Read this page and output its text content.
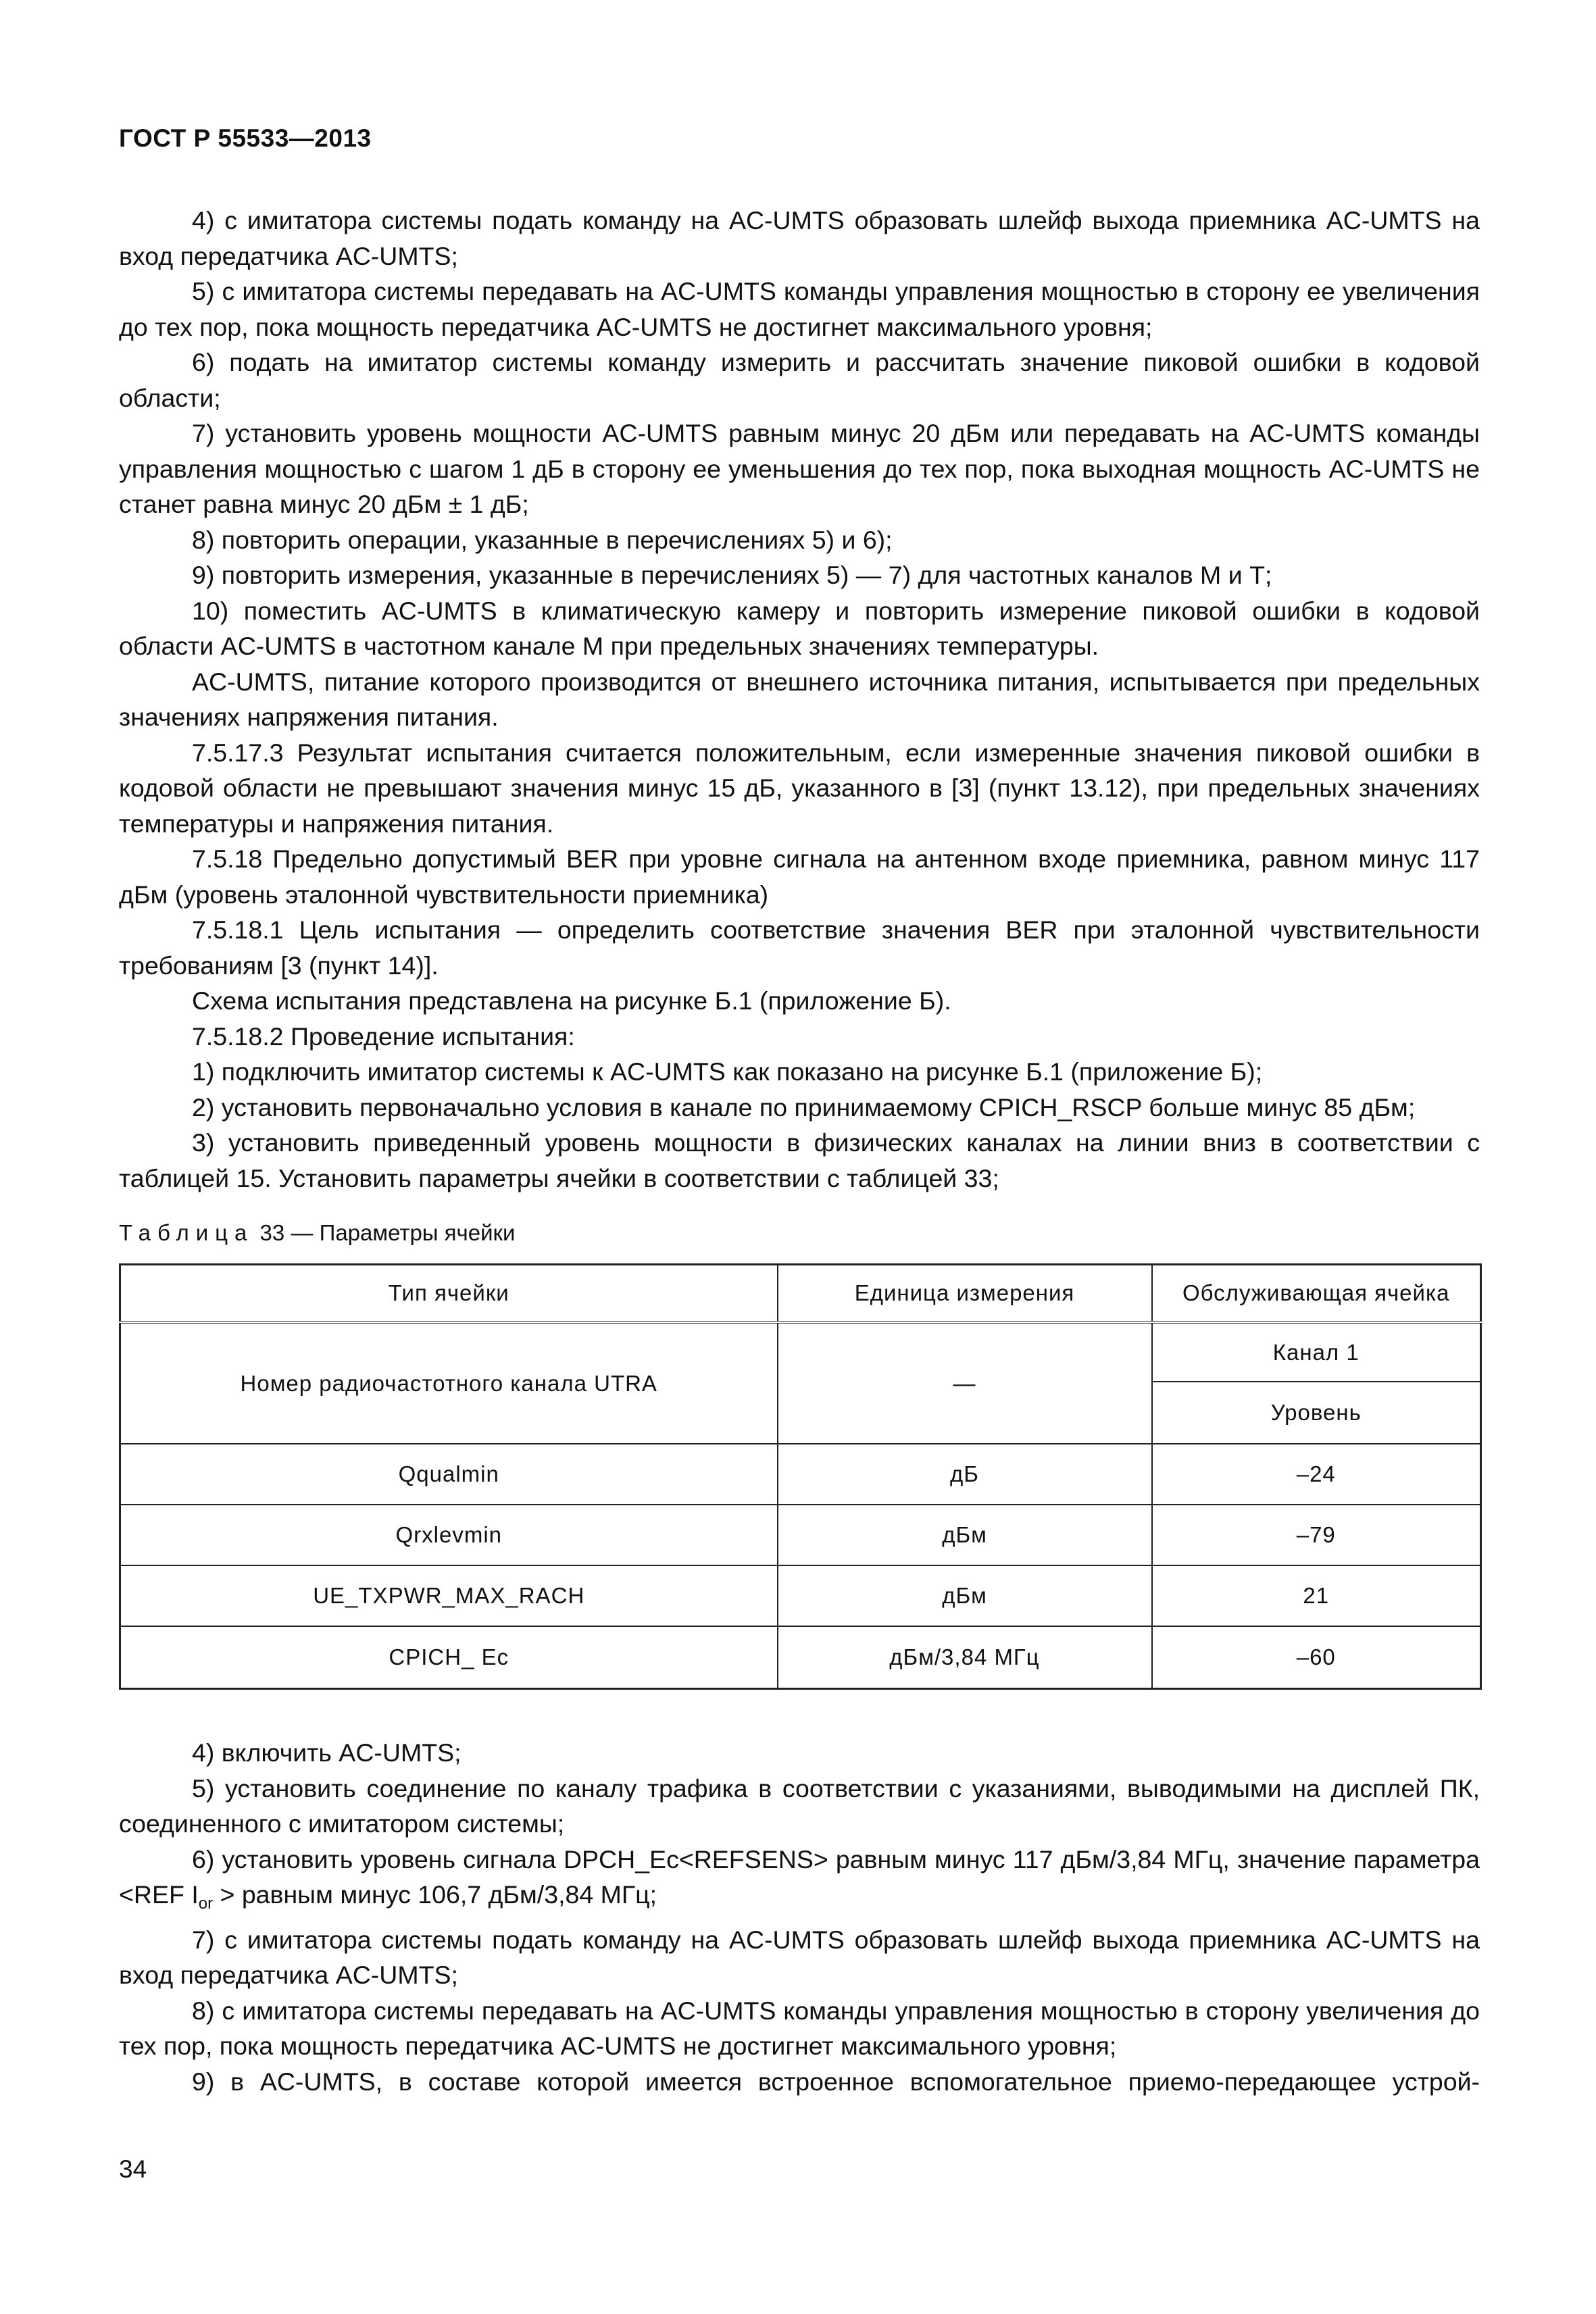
ГОСТ Р 55533—2013

4) с имитатора системы подать команду на AC-UMTS образовать шлейф выхода приемника AC-UMTS на вход передатчика AC-UMTS;

5) с имитатора системы передавать на AC-UMTS команды управления мощностью в сторону ее увеличения до тех пор, пока мощность передатчика AC-UMTS не достигнет максимального уровня;

6) подать на имитатор системы команду измерить и рассчитать значение пиковой ошибки в кодовой области;

7) установить уровень мощности AC-UMTS равным минус 20 дБм или передавать на AC-UMTS команды управления мощностью с шагом 1 дБ в сторону ее уменьшения до тех пор, пока выходная мощность AC-UMTS не станет равна минус 20 дБм ± 1 дБ;

8) повторить операции, указанные в перечислениях 5) и 6);

9) повторить измерения, указанные в перечислениях 5) — 7) для частотных каналов М и Т;

10) поместить AC-UMTS в климатическую камеру и повторить измерение пиковой ошибки в кодовой области AC-UMTS в частотном канале М при предельных значениях температуры.

AC-UMTS, питание которого производится от внешнего источника питания, испытывается при предельных значениях напряжения питания.

7.5.17.3 Результат испытания считается положительным, если измеренные значения пиковой ошибки в кодовой области не превышают значения минус 15 дБ, указанного в [3] (пункт 13.12), при предельных значениях температуры и напряжения питания.

7.5.18 Предельно допустимый BER при уровне сигнала на антенном входе приемника, равном минус 117 дБм (уровень эталонной чувствительности приемника)

7.5.18.1 Цель испытания — определить соответствие значения BER при эталонной чувствительности требованиям [3 (пункт 14)].

Схема испытания представлена на рисунке Б.1 (приложение Б).

7.5.18.2 Проведение испытания:

1) подключить имитатор системы к AC-UMTS как показано на рисунке Б.1 (приложение Б);

2) установить первоначально условия в канале по принимаемому CPICH_RSCP больше минус 85 дБм;

3) установить приведенный уровень мощности в физических каналах на линии вниз в соответствии с таблицей 15. Установить параметры ячейки в соответствии с таблицей 33;

Таблица 33 — Параметры ячейки
Тип ячейки	Единица измерения	Обслуживающая ячейка
Номер радиочастотного канала UTRA	—	Канал 1
		Уровень
Qqualmin	дБ	–24
Qrxlevmin	дБм	–79
UE_TXPWR_MAX_RACH	дБм	21
CPICH_ Ec	дБм/3,84 МГц	–60

4) включить AC-UMTS;

5) установить соединение по каналу трафика в соответствии с указаниями, выводимыми на дисплей ПК, соединенного с имитатором системы;

6) установить уровень сигнала DPCH_Ec<REFSENS> равным минус 117 дБм/3,84 МГц, значение параметра <REF $I_{or}$ > равным минус 106,7 дБм/3,84 МГц;

7) с имитатора системы подать команду на AC-UMTS образовать шлейф выхода приемника AC-UMTS на вход передатчика AC-UMTS;

8) с имитатора системы передавать на AC-UMTS команды управления мощностью в сторону увеличения до тех пор, пока мощность передатчика AC-UMTS не достигнет максимального уровня;

9) в AC-UMTS, в составе которой имеется встроенное вспомогательное приемо-передающее устрой-

34
